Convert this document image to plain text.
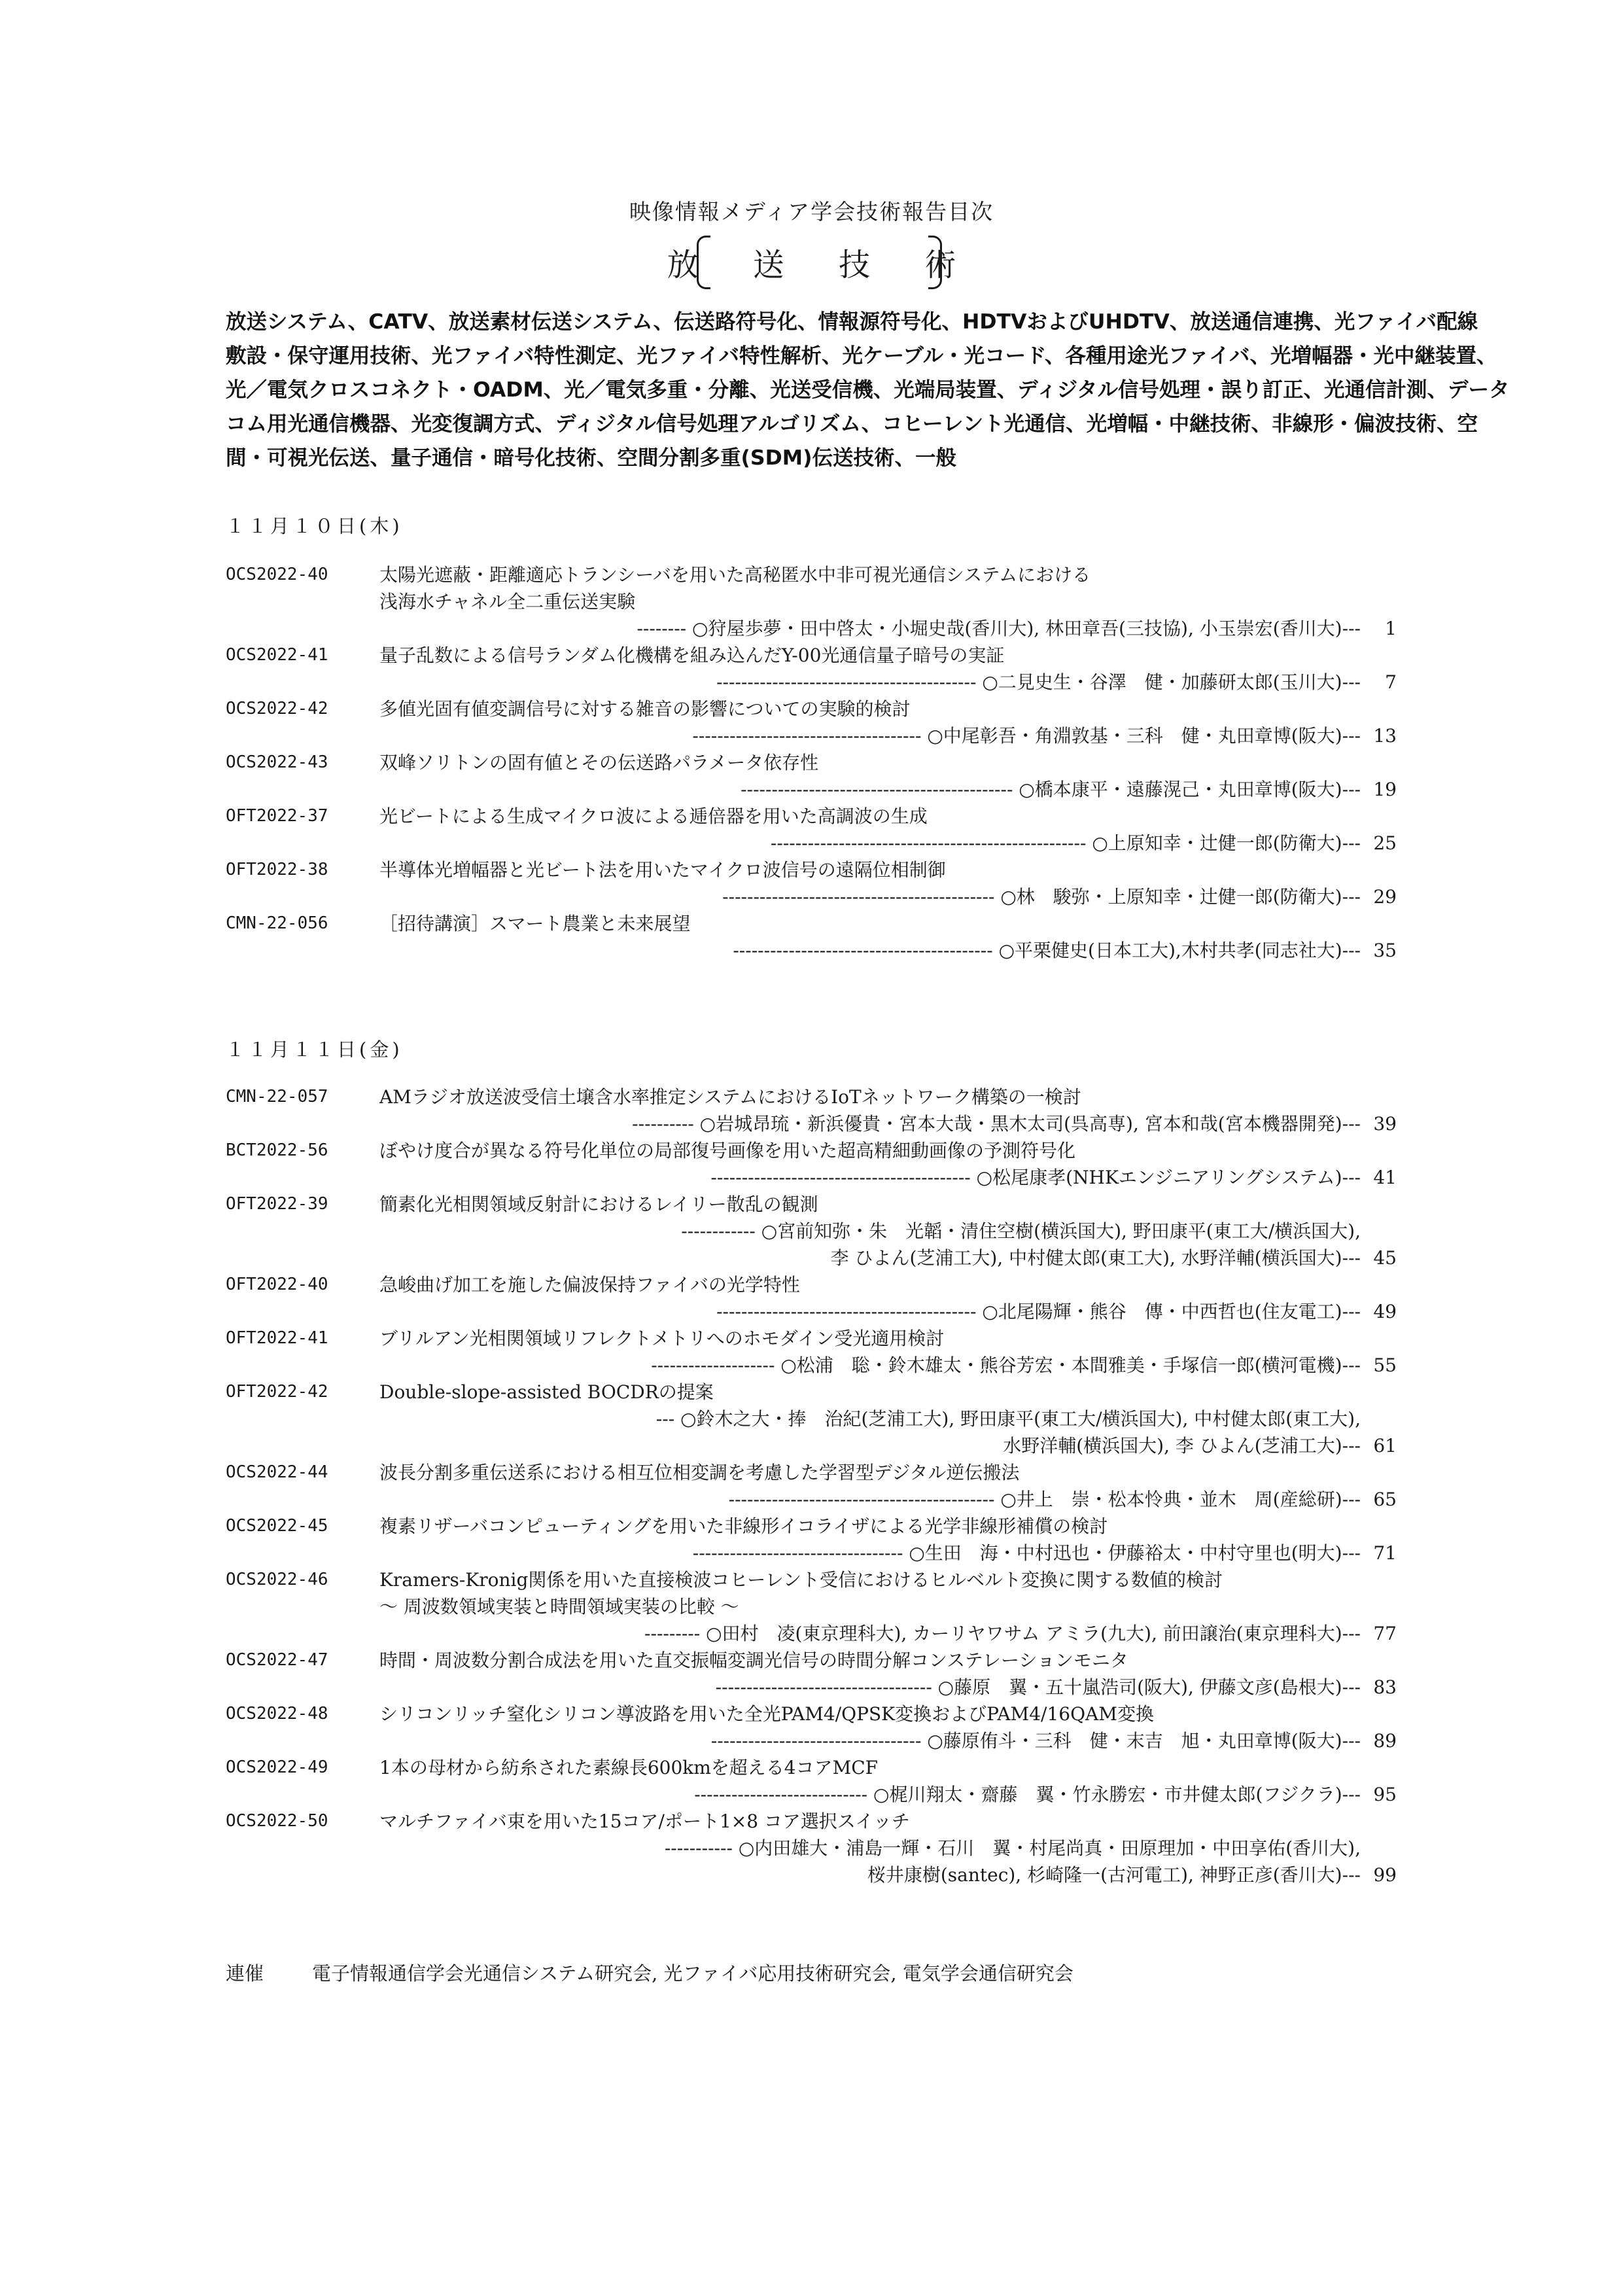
映像情報メディア学会技術報告目次
放 送 技 術
放送システム、CATV、放送素材伝送システム、伝送路符号化、情報源符号化、HDTVおよびUHDTV、放送通信連携、光ファイバ配線
敷設・保守運用技術、光ファイバ特性測定、光ファイバ特性解析、光ケーブル・光コード、各種用途光ファイバ、光増幅器・光中継装置、
光／電気クロスコネクト・OADM、光／電気多重・分離、光送受信機、光端局装置、ディジタル信号処理・誤り訂正、光通信計測、データ
コム用光通信機器、光変復調方式、ディジタル信号処理アルゴリズム、コヒーレント光通信、光増幅・中継技術、非線形・偏波技術、空
間・可視光伝送、量子通信・暗号化技術、空間分割多重(SDM)伝送技術、一般
１１月１０日(木)
OCS2022-40	太陽光遮蔽・距離適応トランシーバを用いた高秘匿水中非可視光通信システムにおける
浅海水チャネル全二重伝送実験
-------- ○狩屋歩夢・田中啓太・小堀史哉(香川大), 林田章吾(三技協), 小玉崇宏(香川大)---	1
OCS2022-41	量子乱数による信号ランダム化機構を組み込んだY-00光通信量子暗号の実証
------------------------------------------ ○二見史生・谷澤　健・加藤研太郎(玉川大)---	7
OCS2022-42	多値光固有値変調信号に対する雑音の影響についての実験的検討
------------------------------------- ○中尾彰吾・角淵敦基・三科　健・丸田章博(阪大)--- 13
OCS2022-43	双峰ソリトンの固有値とその伝送路パラメータ依存性
-------------------------------------------- ○橋本康平・遠藤滉己・丸田章博(阪大)--- 19
OFT2022-37	光ビートによる生成マイクロ波による逓倍器を用いた高調波の生成
--------------------------------------------------- ○上原知幸・辻健一郎(防衛大)--- 25
OFT2022-38	半導体光増幅器と光ビート法を用いたマイクロ波信号の遠隔位相制御
-------------------------------------------- ○林　駿弥・上原知幸・辻健一郎(防衛大)--- 29
CMN-22-056	［招待講演］スマート農業と未来展望
------------------------------------------ ○平栗健史(日本工大),木村共孝(同志社大)--- 35
１１月１１日(金)
CMN-22-057	AMラジオ放送波受信土壌含水率推定システムにおけるIoTネットワーク構築の一検討
---------- ○岩城昂琉・新浜優貴・宮本大哉・黒木太司(呉高専), 宮本和哉(宮本機器開発)--- 39
BCT2022-56	ぼやけ度合が異なる符号化単位の局部復号画像を用いた超高精細動画像の予測符号化
------------------------------------------ ○松尾康孝(NHKエンジニアリングシステム)--- 41
OFT2022-39	簡素化光相関領域反射計におけるレイリー散乱の観測
------------ ○宮前知弥・朱　光韜・清住空樹(横浜国大), 野田康平(東工大/横浜国大),
李 ひよん(芝浦工大), 中村健太郎(東工大), 水野洋輔(横浜国大)--- 45
OFT2022-40	急峻曲げ加工を施した偏波保持ファイバの光学特性
------------------------------------------ ○北尾陽輝・熊谷　傳・中西哲也(住友電工)--- 49
OFT2022-41	ブリルアン光相関領域リフレクトメトリへのホモダイン受光適用検討
-------------------- ○松浦　聡・鈴木雄太・熊谷芳宏・本間雅美・手塚信一郎(横河電機)--- 55
OFT2022-42	Double-slope-assisted BOCDRの提案
--- ○鈴木之大・捧　治紀(芝浦工大), 野田康平(東工大/横浜国大), 中村健太郎(東工大),
水野洋輔(横浜国大), 李 ひよん(芝浦工大)--- 61
OCS2022-44	波長分割多重伝送系における相互位相変調を考慮した学習型デジタル逆伝搬法
------------------------------------------- ○井上　崇・松本怜典・並木　周(産総研)--- 65
OCS2022-45	複素リザーバコンピューティングを用いた非線形イコライザによる光学非線形補償の検討
---------------------------------- ○生田　海・中村迅也・伊藤裕太・中村守里也(明大)--- 71
OCS2022-46	Kramers-Kronig関係を用いた直接検波コヒーレント受信におけるヒルベルト変換に関する数値的検討
～ 周波数領域実装と時間領域実装の比較 ～
--------- ○田村　凌(東京理科大), カーリヤワサム アミラ(九大), 前田譲治(東京理科大)--- 77
OCS2022-47	時間・周波数分割合成法を用いた直交振幅変調光信号の時間分解コンステレーションモニタ
----------------------------------- ○藤原　翼・五十嵐浩司(阪大), 伊藤文彦(島根大)--- 83
OCS2022-48	シリコンリッチ窒化シリコン導波路を用いた全光PAM4/QPSK変換およびPAM4/16QAM変換
---------------------------------- ○藤原侑斗・三科　健・末吉　旭・丸田章博(阪大)--- 89
OCS2022-49	1本の母材から紡糸された素線長600kmを超える4コアMCF
---------------------------- ○梶川翔太・齋藤　翼・竹永勝宏・市井健太郎(フジクラ)--- 95
OCS2022-50	マルチファイバ束を用いた15コア/ポート1×8 コア選択スイッチ
----------- ○内田雄大・浦島一輝・石川　翼・村尾尚真・田原理加・中田享佑(香川大),
桜井康樹(santec), 杉崎隆一(古河電工), 神野正彦(香川大)--- 99
連催	電子情報通信学会光通信システム研究会, 光ファイバ応用技術研究会, 電気学会通信研究会
